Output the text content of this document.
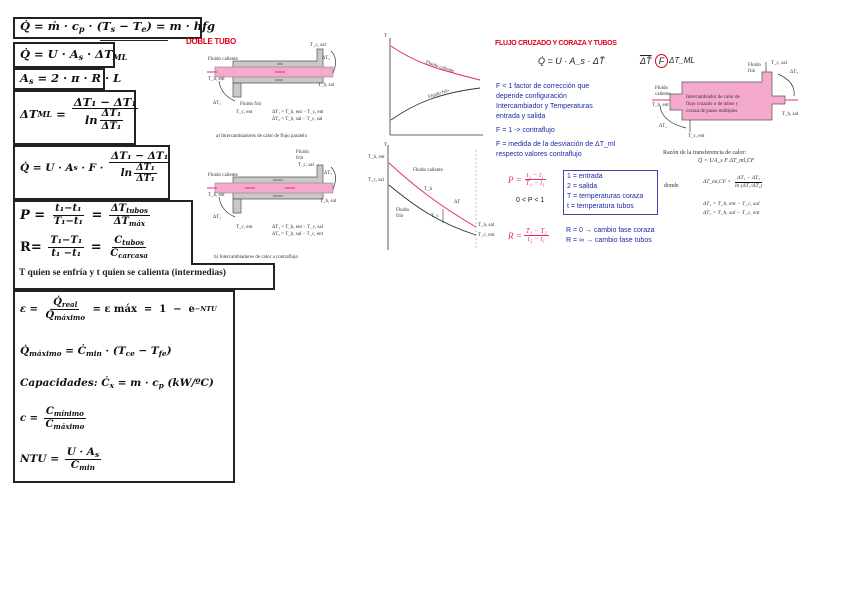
Q̇ = ṁ · $c_p \cdot (T_s - T_e) = m$ · hfg
Q̇ = $U \cdot A_s \cdot \Delta T_{ML}$
$A_s = 2 \cdot \pi \cdot R \cdot L$
ΔT ML = $\frac{\text{ΔT₁ − ΔT₁}}{\ln \frac{\text{ΔT₁}}{\text{ΔT₁}}}$
Q̇ = U · A $s \cdot F \cdot \frac{\text{ΔT₁ − ΔT₁}}{\ln \frac{\text{ΔT₁}}{\text{ΔT₁}}}$
$P = \frac{\text{t₁−t₁}}{\text{T₁−t₁}} = \frac{\Delta T_{tubos}}{\Delta T_{máx}}$
$R = \frac{\text{T₁−T₁}}{\text{t₁ −t₁}} = \frac{C_{tubos}}{C_{carcasa}}$
T quien se enfría y t quien se calienta (intermedias)
$\varepsilon = \frac{Q̇_{real}}{Q̇_{máximo}} = \varepsilon$ máx  =  1  −  e −NTU
$Q̇_{máximo}$ = $Ċ_{min} \cdot (T_{ce} - T_{fe})$
Capacidades: $Ċ_x = m \cdot c_p$ (kW/ºC)
$c = \frac{C_{mínimo}}{C_{máximo}}$
NTU = $\frac{U \cdot A_s}{C_{min}}$
DOBLE TUBO
Fluido caliente
T_h, ent
Fluido frío
ΔT₁
T_c, ent
T_c, sal
ΔT₂
T_h, sal
ΔT₁ = T_h, ent − T_c, ent
ΔT₂ = T_h, sal − T_c, sal
a) Intercambiadores de calor de flujo paralelo
Fluido frío
Fluido caliente
T_h, ent
T_c, sal
ΔT₂
T_h, sal
ΔT₁
T_c, ent	ΔT₁ = T_h, ent − T_c, sal
ΔT₂ = T_h, sal − T_c, ent
b) Intercambiadores de calor a contraflujo
T
Fluido caliente
Fluido frío
T
T_h, ent
T_c, sal
Fluido caliente
T_h
Fluido frío	T_c
ΔT
T_h, sal
T_c, ent
FLUJO CRUZADO Y CORAZA Y TUBOS
Q̇ = U · A_s · ΔT̄	ΔT̄ F ΔT_ML
F < 1 factor de corrección que
depende configuración
Intercambiador y Temperaturas
entrada y salida
F = 1 -> contraflujo
F = medida de la desviación de ΔT_ml
respecto valores contraflujo
$P = \frac{\text{t₂ − t₁}}{\text{T₁ − t₁}}$
0 < P < 1
$R = \frac{\text{T₁ − T₂}}{\text{t₂ − t₁}}$
1 = entrada
2 = salida
T = temperaturas coraza
t = temperatura tubos
R = 0 → cambio fase coraza
R = ∞ → cambio fase tubos
Fluido frío
T_c, sal
Fluido caliente
T_h, ent
ΔT₁
T_c, ent
ΔT₂
T_h, sal
Intercambiador de calor de
flujo cruzado o de tubos y
coraza de pasos múltiples
Razón de la transferencia de calor:
Q̇ = UA_s F ΔT_ml,CF
donde
ΔT_ml,CF = $\frac{\text{ΔT₁ − ΔT₂}}{\text{ln (ΔT₁/ΔT₂)}}$
ΔT₁ = T_h, ent − T_c, sal
ΔT₂ = T_h, sal − T_c, ent
